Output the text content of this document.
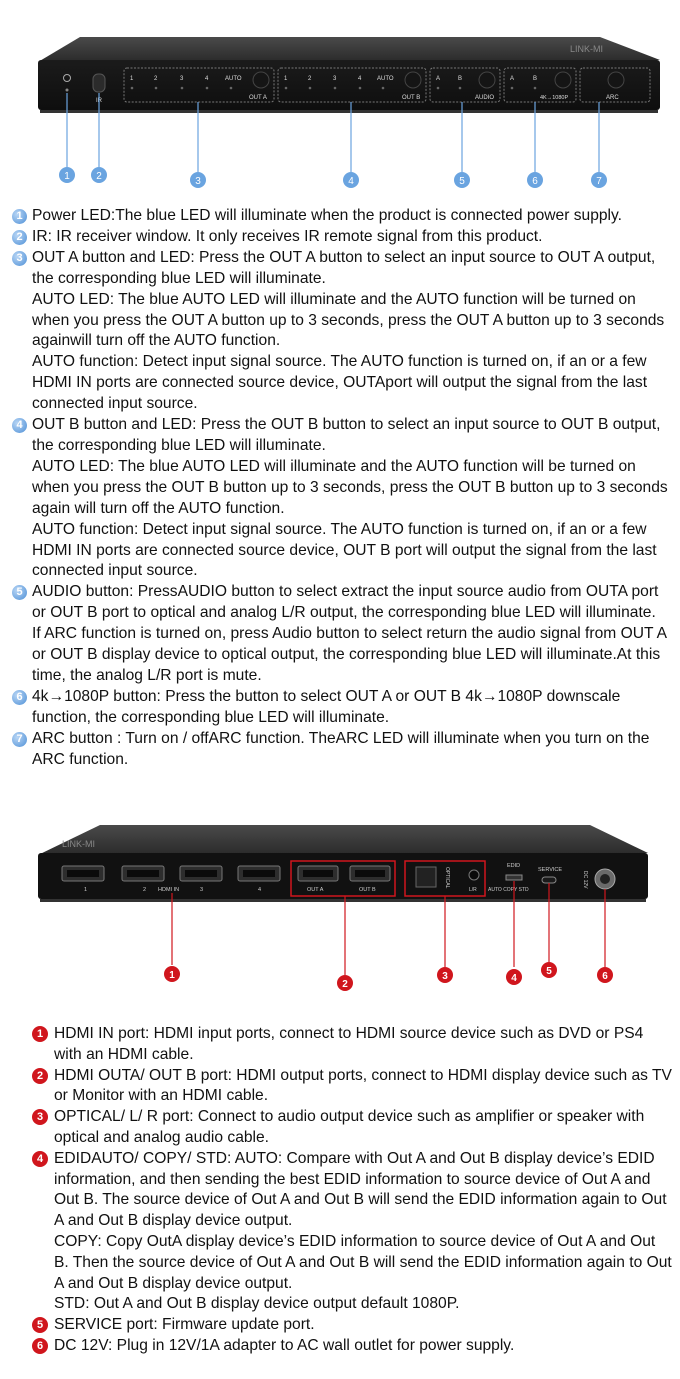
LINK-MI
IR
1	2	3	4	AUTO
OUT A
1	2	3	4	AUTO
OUT B
A	B
AUDIO
A	B
4K→1080P	ARC
1	2	3	4	5	6	7
1 Power LED:The blue LED will illuminate when the product is connected power supply.

2 IR: IR receiver window. It only receives IR remote signal from this product.

3 OUT A button and LED: Press the OUT A button to select an input source to OUT A output, the corresponding blue LED will illuminate.

AUTO LED: The blue AUTO LED will illuminate and the AUTO function will be turned on when you press the OUT A button up to 3 seconds, press the OUT A button up to 3 seconds againwill turn off the AUTO function.

AUTO function: Detect input signal source. The AUTO function is turned on, if an or a few HDMI IN ports are connected source device, OUTAport will output the signal from the last connected input source.

4 OUT B button and LED: Press the OUT B button to select an input source to OUT B output, the corresponding blue LED will illuminate.

AUTO LED: The blue AUTO LED will illuminate and the AUTO function will be turned on when you press the OUT B button up to 3 seconds, press the OUT B button up to 3 seconds again will turn off the AUTO function.

AUTO function: Detect input signal source. The AUTO function is turned on, if an or a few HDMI IN ports are connected source device, OUT B port will output the signal from the last connected input source.

5 AUDIO button: PressAUDIO button to select extract the input source audio from OUTA port or OUT B port to optical and analog L/R output, the corresponding blue LED will illuminate.

If ARC function is turned on, press Audio button to select return the audio signal from OUT A or OUT B display device to optical output, the corresponding blue LED will illuminate.At this time, the analog L/R port is mute.

6 4k→1080P button: Press the button to select OUT A or OUT B 4k→1080P downscale function, the corresponding blue LED will illuminate.

7 ARC button : Turn on / offARC function. TheARC LED will illuminate when you turn on the ARC function.

LINK-MI
1	2 HDMI IN	3	4	OUT A	OUT B
OPTICAL
L/R
EDID
AUTO COPY STD
SERVICE
DC 12V
1
2
3	4
5	6
1 HDMI IN port: HDMI input ports, connect to HDMI source device such as DVD or PS4 with an HDMI cable.

2 HDMI OUTA/ OUT B port: HDMI output ports, connect to HDMI display device such as TV or Monitor with an HDMI cable.

3 OPTICAL/ L/ R port: Connect to audio output device such as amplifier or speaker with optical and analog audio cable.

4 EDIDAUTO/ COPY/ STD: AUTO: Compare with Out A and Out B display device’s EDID information, and then sending the best EDID information to source device of Out A and Out B. The source device of Out A and Out B will send the EDID information again to Out A and Out B display device output.

COPY: Copy OutA display device’s EDID information to source device of Out A and Out B. Then the source device of Out A and Out B will send the EDID information again to Out A and Out B display device output.

STD: Out A and Out B display device output default 1080P.

5 SERVICE port: Firmware update port.

6 DC 12V: Plug in 12V/1A adapter to AC wall outlet for power supply.
